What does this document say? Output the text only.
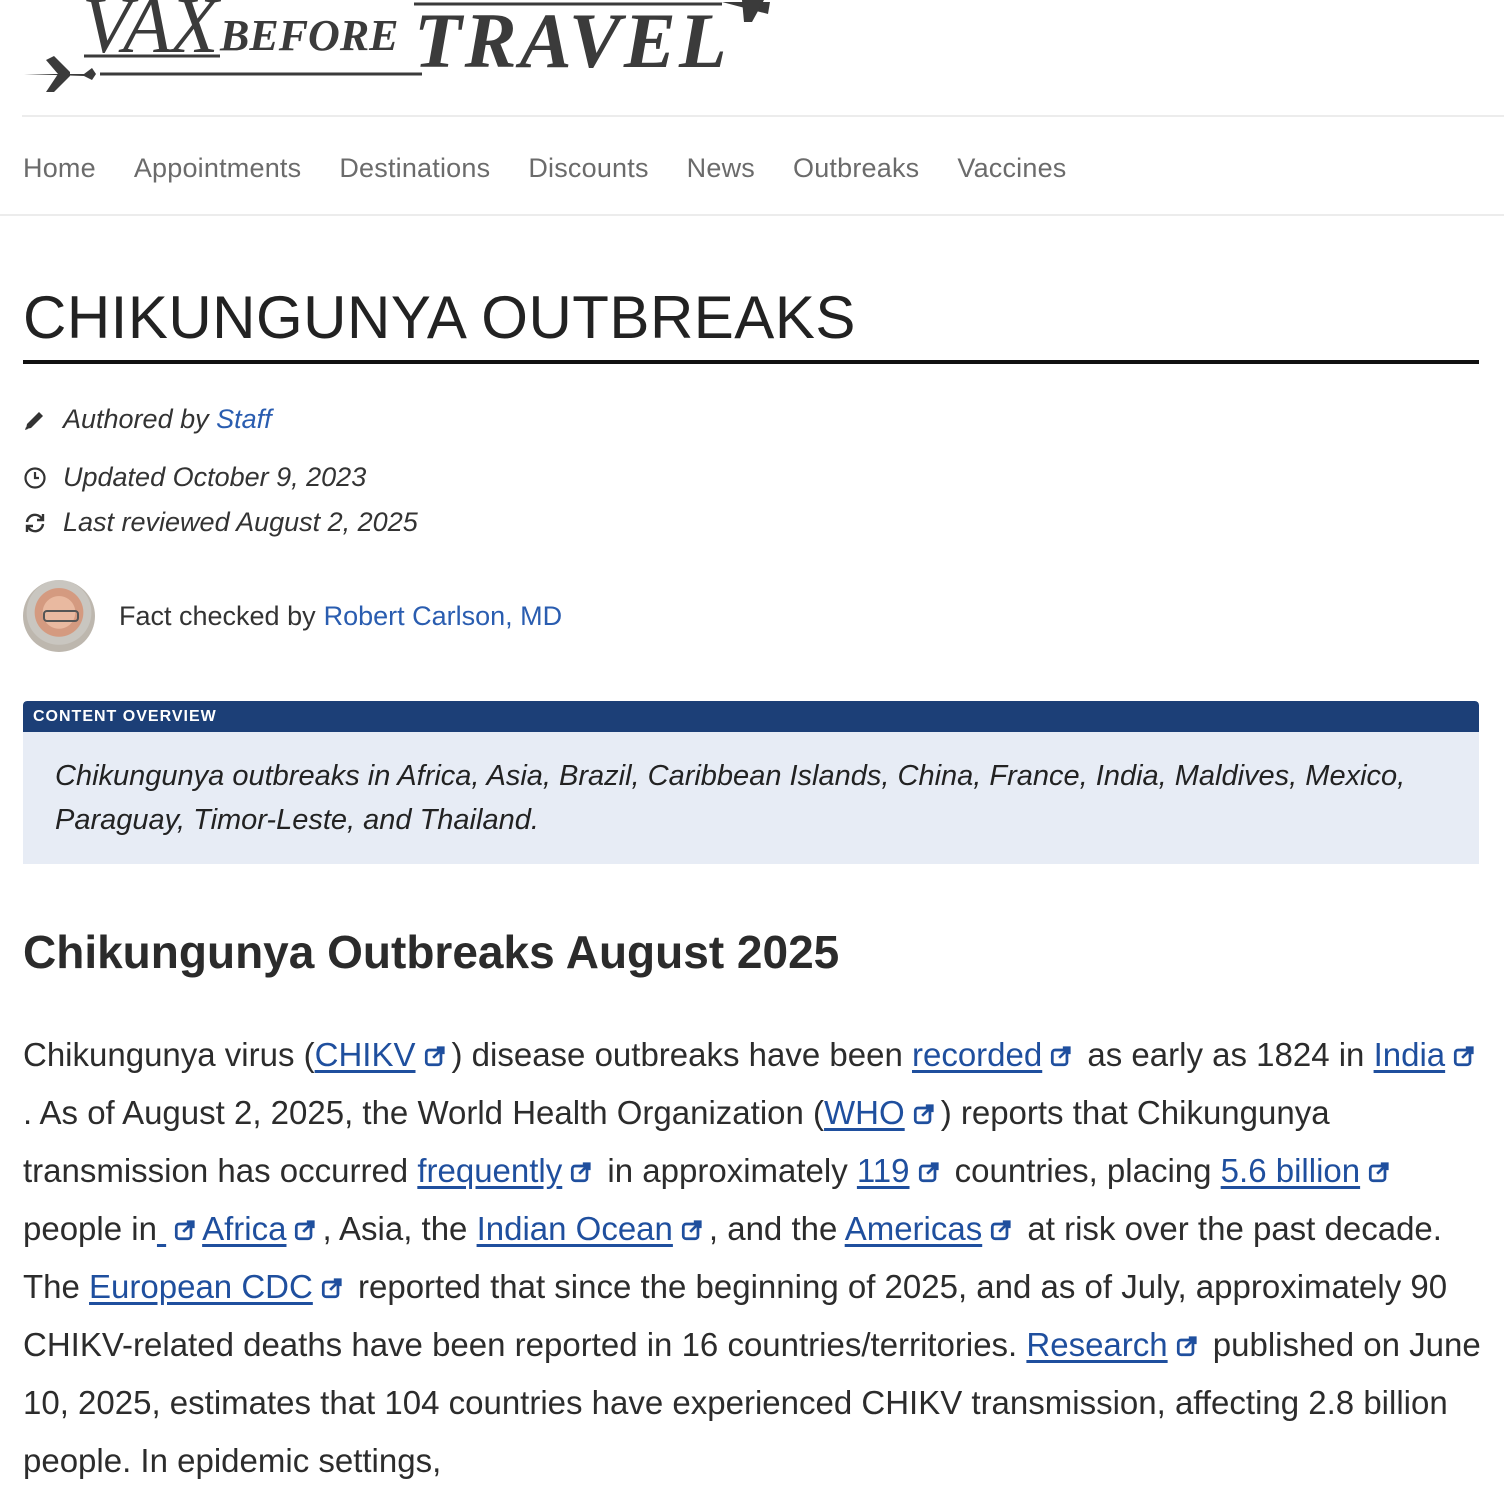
VAX BEFORE TRAVEL
Home Appointments Destinations Discounts News Outbreaks Vaccines
CHIKUNGUNYA OUTBREAKS
Authored by
Staff
Updated October 9, 2023
Last reviewed August 2, 2025
Fact checked by Robert Carlson, MD
CONTENT OVERVIEW
Chikungunya outbreaks in Africa, Asia, Brazil, Caribbean Islands, China, France, India, Maldives, Mexico, Paraguay, Timor-Leste, and Thailand.
Chikungunya Outbreaks August 2025

Chikungunya virus (CHIKV ) disease outbreaks have been recorded as early as 1824 in India. As of August 2, 2025, the World Health Organization (WHO ) reports that Chikungunya transmission has occurred frequently in approximately 119 countries, placing 5.6 billion people in Africa , Asia, the Indian Ocean , and the Americas at risk over the past decade. The European CDC reported that since the beginning of 2025, and as of July, approximately 90 CHIKV-related deaths have been reported in 16 countries/territories. Research published on June 10, 2025, estimates that 104 countries have experienced CHIKV transmission, affecting 2.8 billion people. In epidemic settings,
